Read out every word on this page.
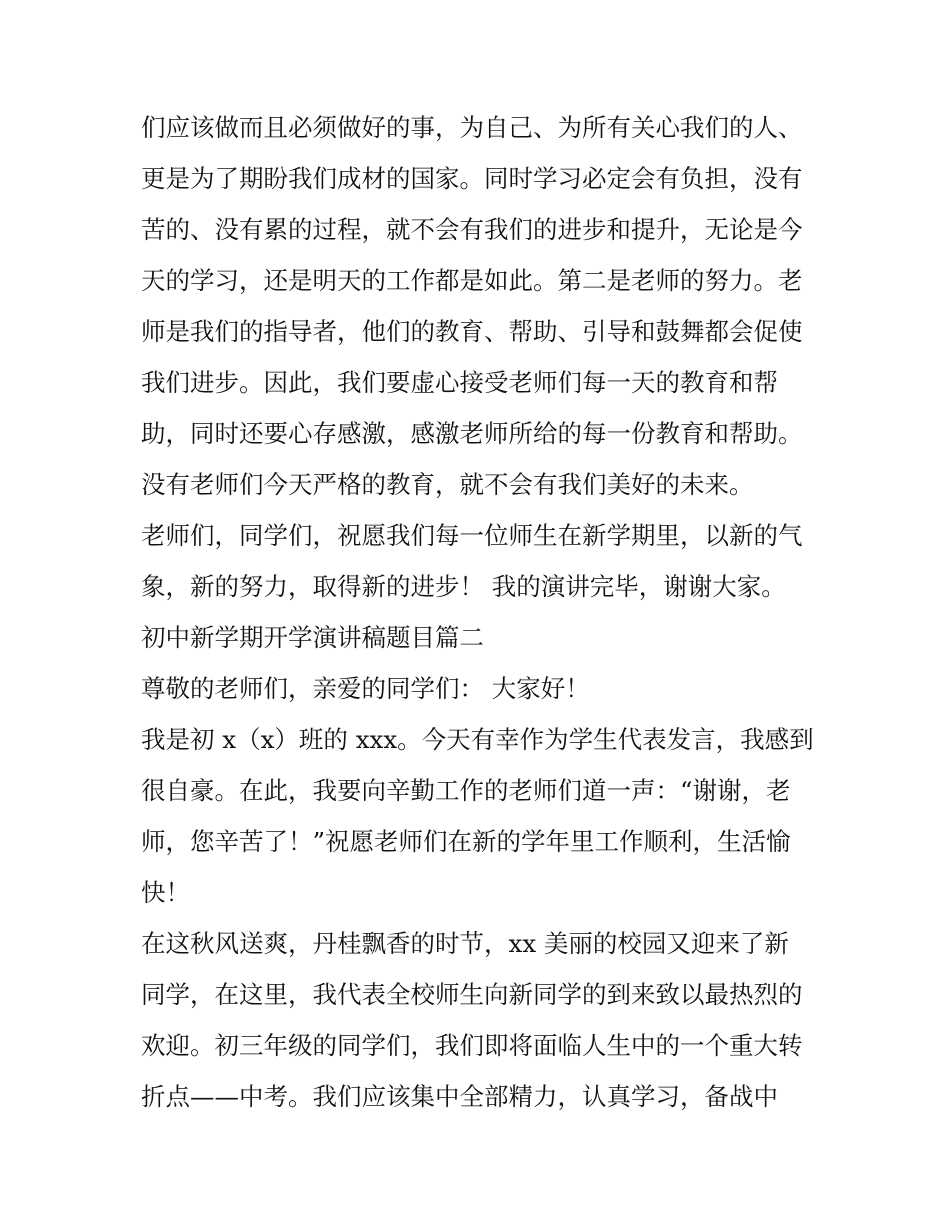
们应该做而且必须做好的事，为自己、为所有关心我们的人、
更是为了期盼我们成材的国家。同时学习必定会有负担，没有
苦的、没有累的过程，就不会有我们的进步和提升，无论是今
天的学习，还是明天的工作都是如此。第二是老师的努力。老
师是我们的指导者，他们的教育、帮助、引导和鼓舞都会促使
我们进步。因此，我们要虚心接受老师们每一天的教育和帮
助，同时还要心存感激，感激老师所给的每一份教育和帮助。
没有老师们今天严格的教育，就不会有我们美好的未来。
老师们，同学们，祝愿我们每一位师生在新学期里，以新的气
象，新的努力，取得新的进步！ 我的演讲完毕，谢谢大家。
初中新学期开学演讲稿题目篇二
尊敬的老师们，亲爱的同学们： 大家好！
我是初 x（x）班的 xxx。今天有幸作为学生代表发言，我感到
很自豪。在此，我要向辛勤工作的老师们道一声：“谢谢，老
师，您辛苦了！”祝愿老师们在新的学年里工作顺利，生活愉
快！
在这秋风送爽，丹桂飘香的时节，xx 美丽的校园又迎来了新
同学，在这里，我代表全校师生向新同学的到来致以最热烈的
欢迎。初三年级的同学们，我们即将面临人生中的一个重大转
折点——中考。我们应该集中全部精力，认真学习，备战中
